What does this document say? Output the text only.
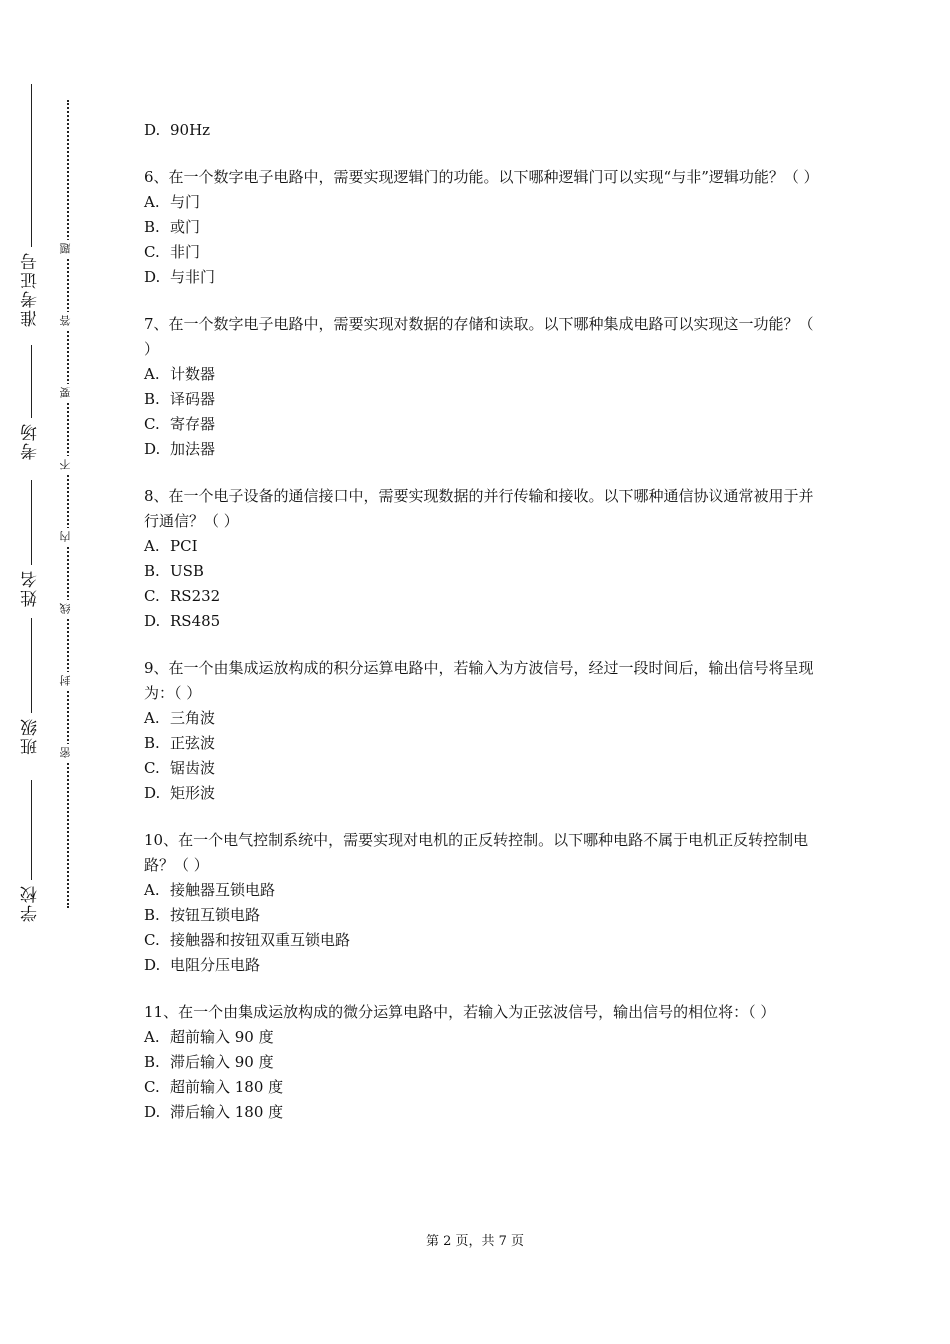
准考证号
考场
姓名
班级
学校
题
答
要
不
内
线
封
密
D. 90Hz

6、在一个数字电子电路中，需要实现逻辑门的功能。以下哪种逻辑门可以实现“与非”逻辑功能？（ ）

A. 与门
B. 或门
C. 非门
D. 与非门

7、在一个数字电子电路中，需要实现对数据的存储和读取。以下哪种集成电路可以实现这一功能？（ ）

A. 计数器
B. 译码器
C. 寄存器
D. 加法器

8、在一个电子设备的通信接口中，需要实现数据的并行传输和接收。以下哪种通信协议通常被用于并行通信？（ ）

A. PCI
B. USB
C. RS232
D. RS485

9、在一个由集成运放构成的积分运算电路中，若输入为方波信号，经过一段时间后，输出信号将呈现为：（ ）

A. 三角波
B. 正弦波
C. 锯齿波
D. 矩形波

10、在一个电气控制系统中，需要实现对电机的正反转控制。以下哪种电路不属于电机正反转控制电路？（ ）

A. 接触器互锁电路
B. 按钮互锁电路
C. 接触器和按钮双重互锁电路
D. 电阻分压电路

11、在一个由集成运放构成的微分运算电路中，若输入为正弦波信号，输出信号的相位将：（ ）

A. 超前输入 90 度
B. 滞后输入 90 度
C. 超前输入 180 度
D. 滞后输入 180 度
第 2 页，共 7 页
